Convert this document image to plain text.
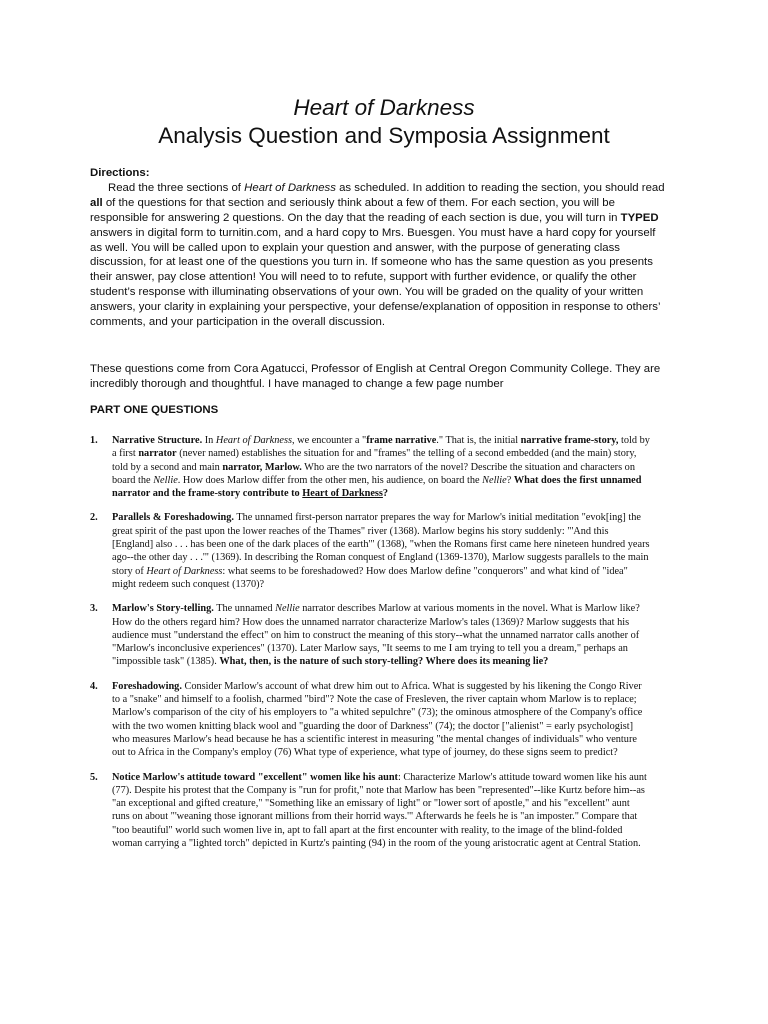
Heart of Darkness
Analysis Question and Symposia Assignment
Directions:

Read the three sections of Heart of Darkness as scheduled. In addition to reading the section, you should read all of the questions for that section and seriously think about a few of them. For each section, you will be responsible for answering 2 questions. On the day that the reading of each section is due, you will turn in TYPED answers in digital form to turnitin.com, and a hard copy to Mrs. Buesgen. You must have a hard copy for yourself as well. You will be called upon to explain your question and answer, with the purpose of generating class discussion, for at least one of the questions you turn in. If someone who has the same question as you presents their answer, pay close attention! You will need to to refute, support with further evidence, or qualify the other student’s response with illuminating observations of your own. You will be graded on the quality of your written answers, your clarity in explaining your perspective, your defense/explanation of opposition in response to others’ comments, and your participation in the overall discussion.

These questions come from Cora Agatucci, Professor of English at Central Oregon Community College. They are incredibly thorough and thoughtful. I have managed to change a few page number

PART ONE QUESTIONS
1. Narrative Structure. In Heart of Darkness, we encounter a "frame narrative." That is, the initial narrative frame-story, told by a first narrator (never named) establishes the situation for and "frames" the telling of a second embedded (and the main) story, told by a second and main narrator, Marlow. Who are the two narrators of the novel? Describe the situation and characters on board the Nellie. How does Marlow differ from the other men, his audience, on board the Nellie? What does the first unnamed narrator and the frame-story contribute to Heart of Darkness?

2. Parallels & Foreshadowing. The unnamed first-person narrator prepares the way for Marlow's initial meditation "evok[ing] the great spirit of the past upon the lower reaches of the Thames" river (1368). Marlow begins his story suddenly: "'And this [England] also . . . has been one of the dark places of the earth'" (1368), "when the Romans first came here nineteen hundred years ago--the other day . . .'" (1369). In describing the Roman conquest of England (1369-1370), Marlow suggests parallels to the main story of Heart of Darkness: what seems to be foreshadowed? How does Marlow define "conquerors" and what kind of "idea" might redeem such conquest (1370)?

3. Marlow's Story-telling. The unnamed Nellie narrator describes Marlow at various moments in the novel. What is Marlow like? How do the others regard him? How does the unnamed narrator characterize Marlow's tales (1369)? Marlow suggests that his audience must "understand the effect" on him to construct the meaning of this story--what the unnamed narrator calls another of "Marlow's inconclusive experiences" (1370). Later Marlow says, "It seems to me I am trying to tell you a dream," perhaps an "impossible task" (1385). What, then, is the nature of such story-telling? Where does its meaning lie?

4. Foreshadowing. Consider Marlow's account of what drew him out to Africa. What is suggested by his likening the Congo River to a "snake" and himself to a foolish, charmed "bird"? Note the case of Fresleven, the river captain whom Marlow is to replace; Marlow's comparison of the city of his employers to "a whited sepulchre" (73); the ominous atmosphere of the Company's office with the two women knitting black wool and "guarding the door of Darkness" (74); the doctor ["alienist" = early psychologist] who measures Marlow's head because he has a scientific interest in measuring "the mental changes of individuals" who venture out to Africa in the Company's employ (76) What type of experience, what type of journey, do these signs seem to predict?

5. Notice Marlow's attitude toward "excellent" women like his aunt: Characterize Marlow's attitude toward women like his aunt (77). Despite his protest that the Company is "run for profit," note that Marlow has been "represented"--like Kurtz before him--as "an exceptional and gifted creature," "Something like an emissary of light" or "lower sort of apostle," and his "excellent" aunt runs on about "'weaning those ignorant millions from their horrid ways.'" Afterwards he feels he is "an imposter." Compare that "too beautiful" world such women live in, apt to fall apart at the first encounter with reality, to the image of the blind-folded woman carrying a "lighted torch" depicted in Kurtz's painting (94) in the room of the young aristocratic agent at Central Station.
